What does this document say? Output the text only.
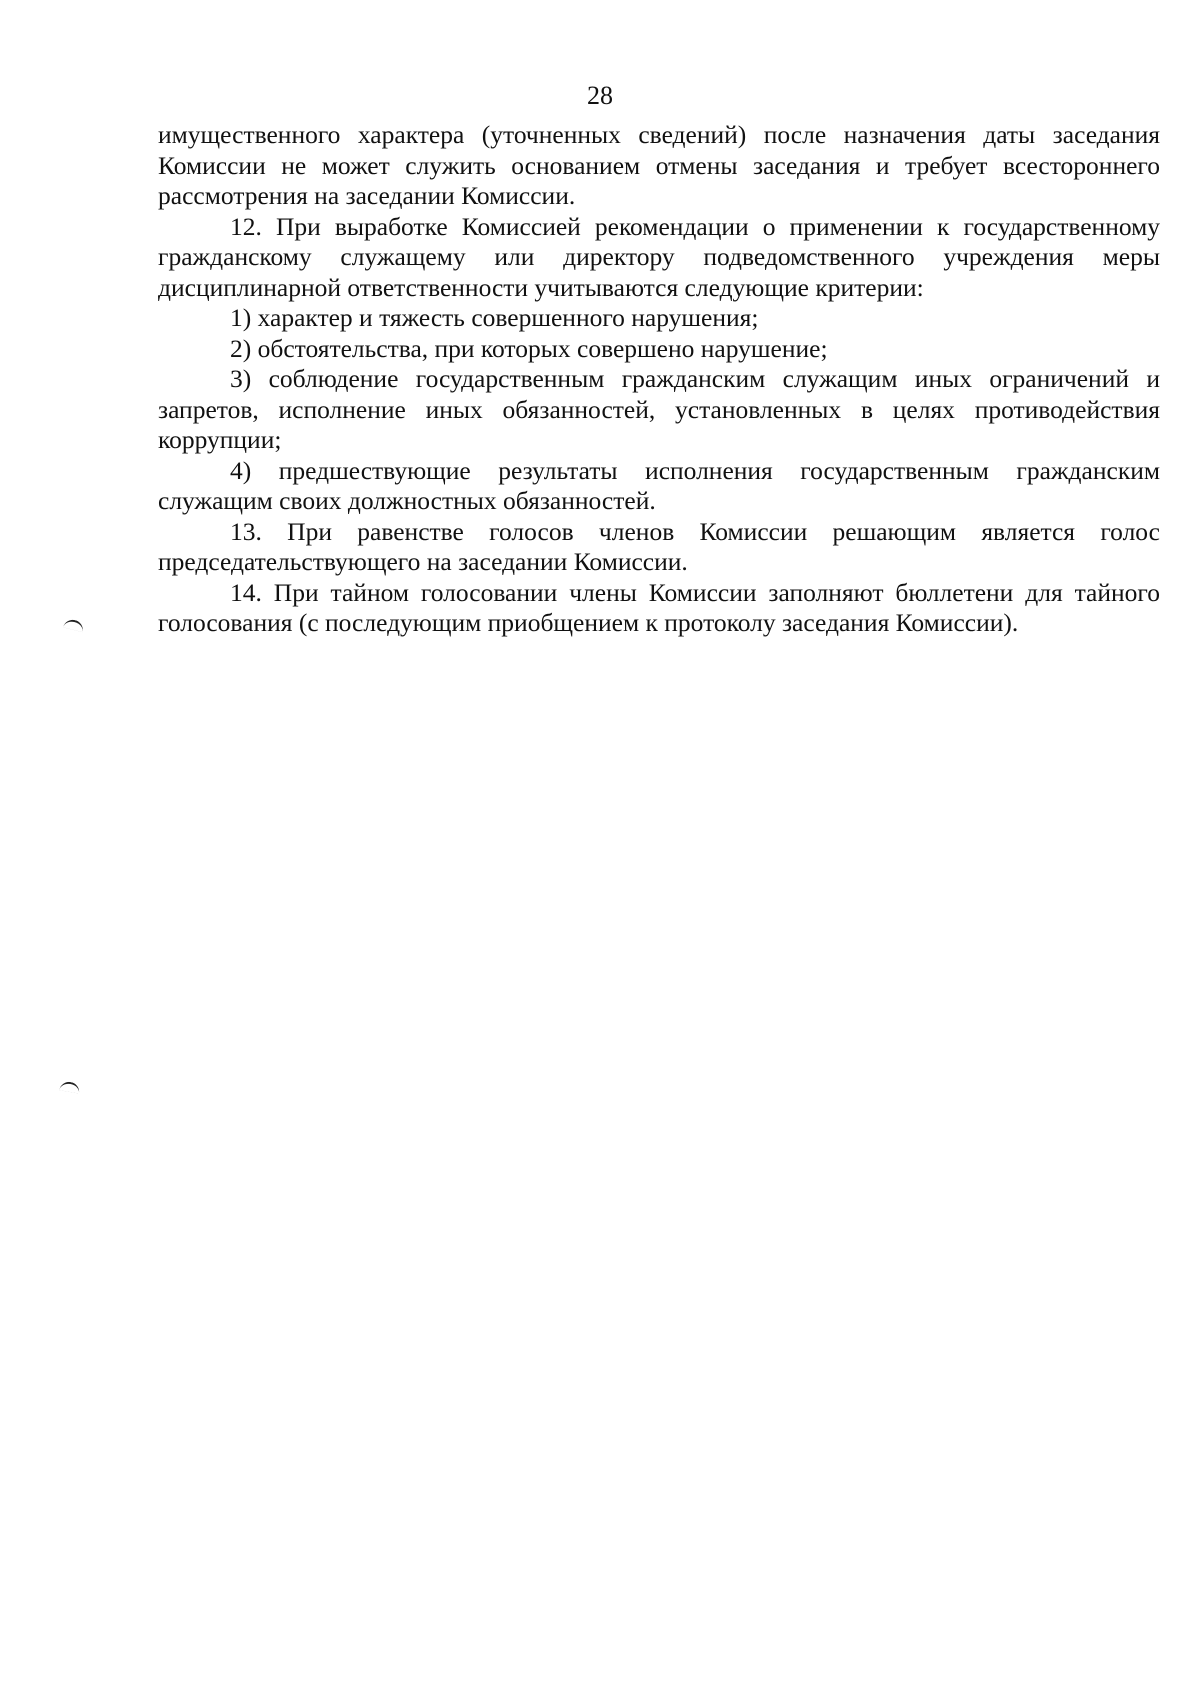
28

имущественного характера (уточненных сведений) после назначения даты заседания Комиссии не может служить основанием отмены заседания и требует всестороннего рассмотрения на заседании Комиссии.

12. При выработке Комиссией рекомендации о применении к государственному гражданскому служащему или директору подведомственного учреждения меры дисциплинарной ответственности учитываются следующие критерии:

1) характер и тяжесть совершенного нарушения;

2) обстоятельства, при которых совершено нарушение;

3) соблюдение государственным гражданским служащим иных ограничений и запретов, исполнение иных обязанностей, установленных в целях противодействия коррупции;

4) предшествующие результаты исполнения государственным гражданским служащим своих должностных обязанностей.

13. При равенстве голосов членов Комиссии решающим является голос председательствующего на заседании Комиссии.

14. При тайном голосовании члены Комиссии заполняют бюллетени для тайного голосования (с последующим приобщением к протоколу заседания Комиссии).
